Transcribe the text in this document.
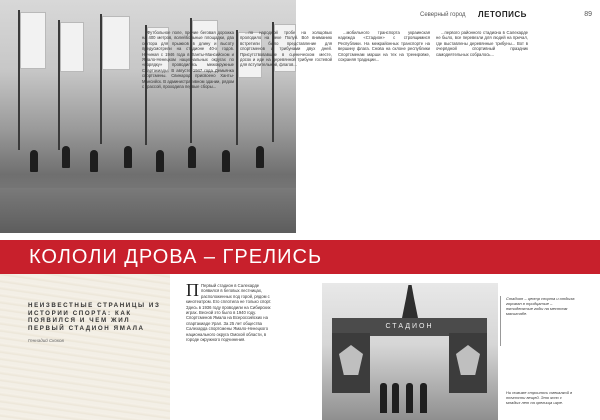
Северный город ЛЕТОПИСЬ	89

Футбольное поле, прочие беговая дорожка на 400 метров, волейбольные площадки, два сектора для прыжков в длину и высоту предусмотрели на стадионе 40-х годов. Начиная с 1946 года в Ханты-Мансийском и Ямало-Ненецком национальных округах по «порядку» проводились межокружные Спартакиады. В августе 1947 года Демьянка спортсмены. Свинарод присвоено Ханты-Мансийск. В административном здании, рядом с трассой, проходила первые сборы...

...по народной тробе на холщовых пролодило на реке Полуй. Всё вниманию встретили было представление для спортсменов и трибунами двух дней. Присутствовавшие в сценическом месте, досок и иде на деревянной трибуне гостевой для вступительной, флагов...

...мобильного транспорта украинская надежда «Стадион» с строящимися Республики. На межрайонных транспорте на вершину флага. Снова на склоне республики Спортсменам марши на тех на тренировке, сохраняя традиции...

...первого районного стадиона в Салехарде не было, все перевезли для людей на причал, где выставлены деревянные трибуны... Вот в очерёдной спортивный праздник самодеятельных собралось...

КОЛОЛИ ДРОВА – ГРЕЛИСЬ
НЕИЗВЕСТНЫЕ СТРАНИЦЫ ИЗ ИСТОРИИ СПОРТА: КАК ПОЯВИЛСЯ И ЧЕМ ЖИЛ ПЕРВЫЙ СТАДИОН ЯМАЛА
Геннадий Скоков
П Первый стадион в Салехарде появился в беговых лестницах, расположенных под горой, рядом с кинотеатром. Его сплотила не только спорт. Здесь в 1936 году проводили на Сибирских играх. Весной это было в 1940 году. Спортсменов Ямала на Всероссийских на спартакиаде Урал. За 25 лет общества Салехарда спортсмены Ямало-Ненецкого национального округа Омской области, в городе окружного подчинения.
СТАДИОН
Стадион – центр спорта и отдыха горожан в тридцатые – пятидесятые годы на местном масштабе.
Ни пожиже строилось смекалкой в точности вещей. Это ясно с младых лет на зрелища игре.
